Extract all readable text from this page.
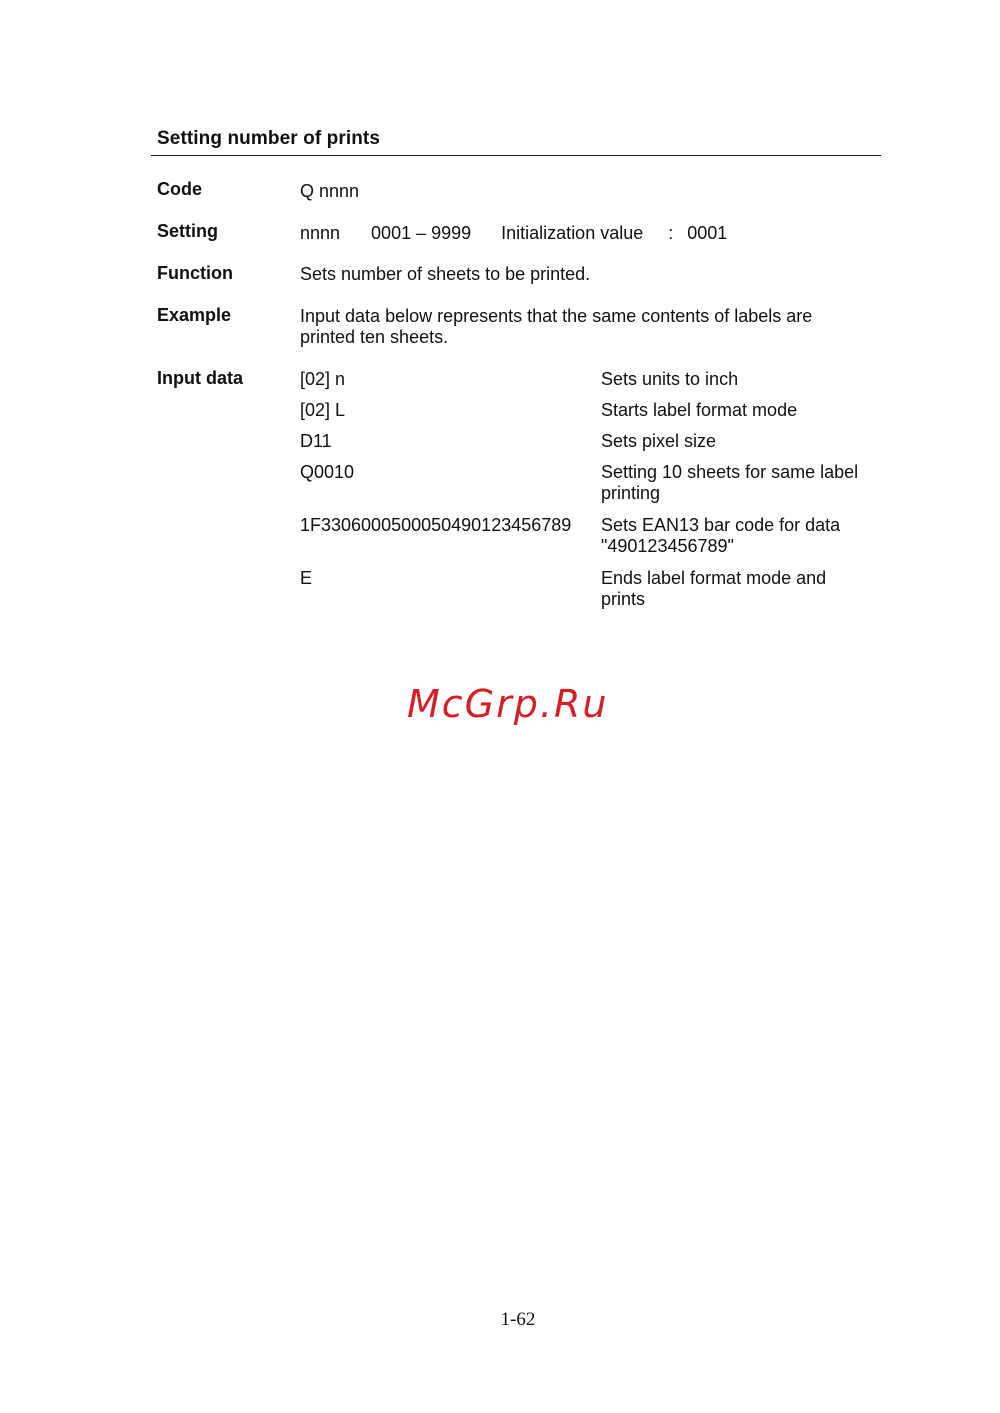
Setting number of prints
Code	Q nnnn
Setting	nnnn 0001 – 9999 Initialization value : 0001
Function	Sets number of sheets to be printed.
Example	Input data below represents that the same contents of labels are
printed ten sheets.
Input data	[02] n	Sets units to inch
[02] L	Starts label format mode
D11	Sets pixel size
Q0010	Setting 10 sheets for same label
printing
1F33060005000504901234567​89 Sets EAN13 bar code for data
"490123456789"
E	Ends label format mode and
prints
McGrp.Ru
1-62
